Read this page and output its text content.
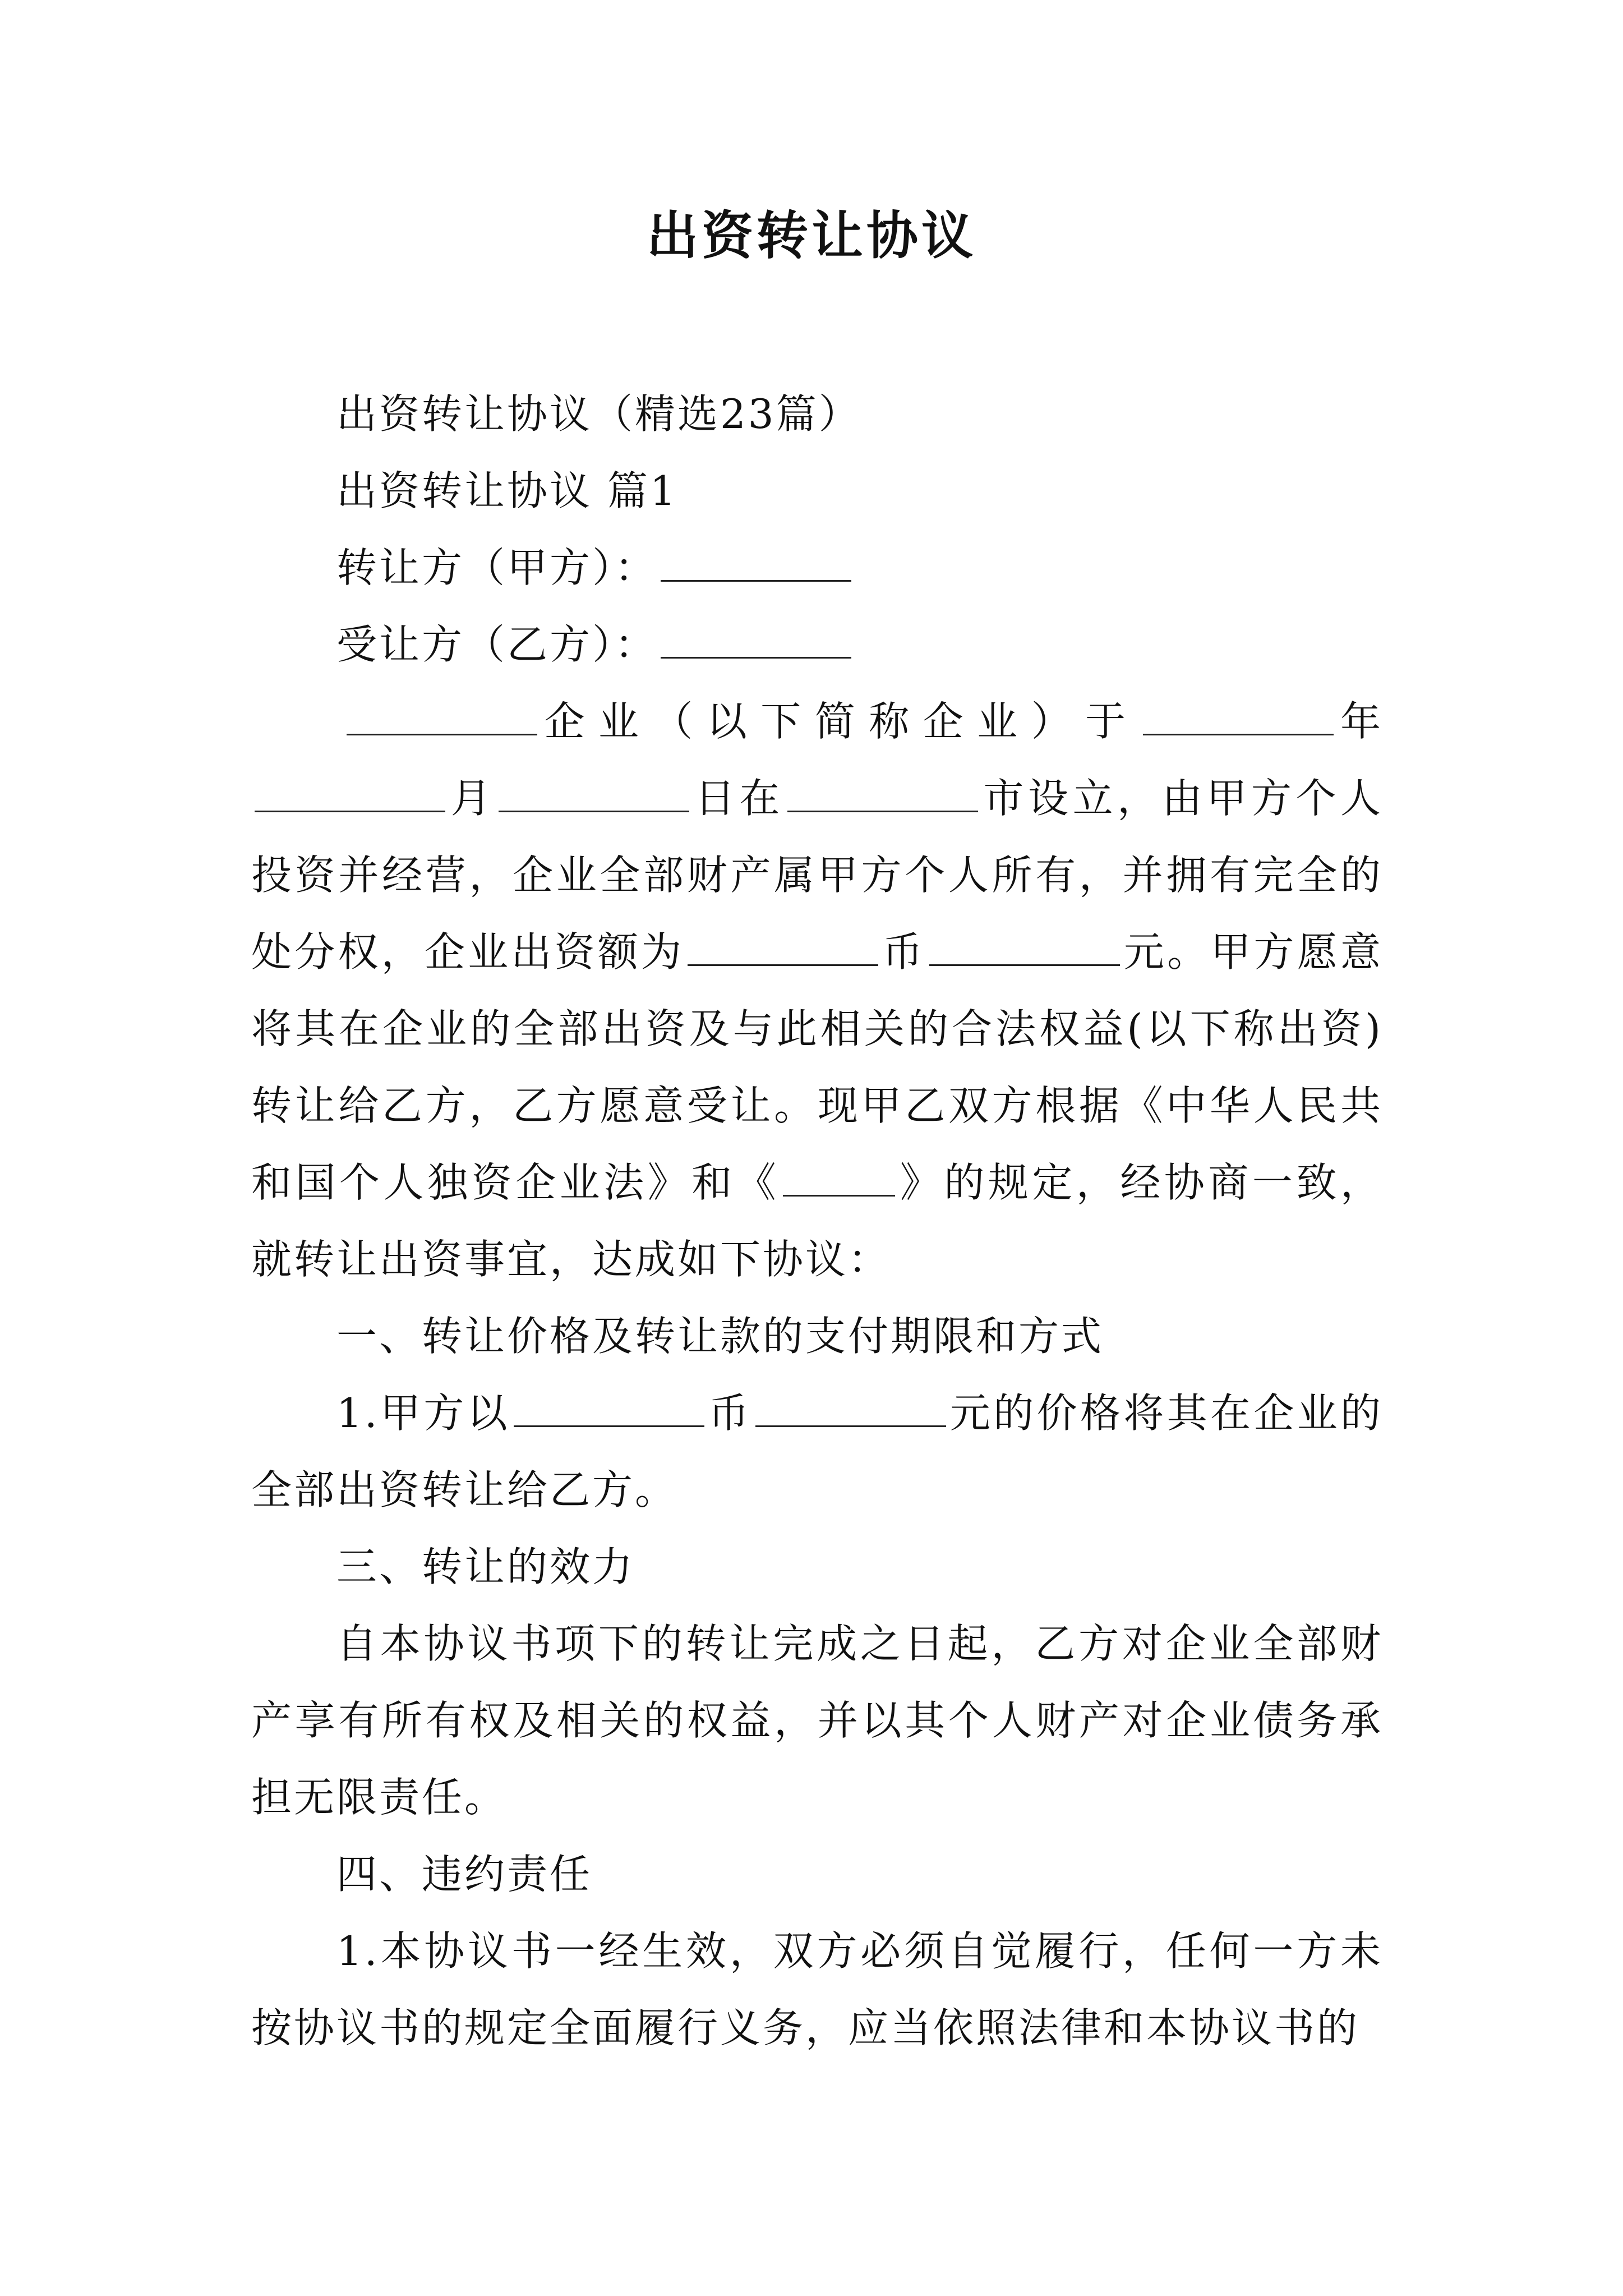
出资转让协议

出资转让协议（精选23篇）

出资转让协议 篇1

转让方（甲方）：

受让方（乙方）：

企业（以下简称企业）于	年月	日在	市设立，由甲方个人投资并经营，企业全部财产属甲方个人所有，并拥有完全的处分权，企业出资额为	币	元。甲方愿意将其在企业的全部出资及与此相关的合法权益(以下称出资)转让给乙方，乙方愿意受让。现甲乙双方根据《中华人民共和国个人独资企业法》和《	》的规定，经协商一致，就转让出资事宜，达成如下协议：

一、转让价格及转让款的支付期限和方式

1.甲方以	币	元的价格将其在企业的全部出资转让给乙方。

三、转让的效力

自本协议书项下的转让完成之日起，乙方对企业全部财产享有所有权及相关的权益，并以其个人财产对企业债务承担无限责任。

四、违约责任

1.本协议书一经生效，双方必须自觉履行，任何一方未按协议书的规定全面履行义务，应当依照法律和本协议书的
